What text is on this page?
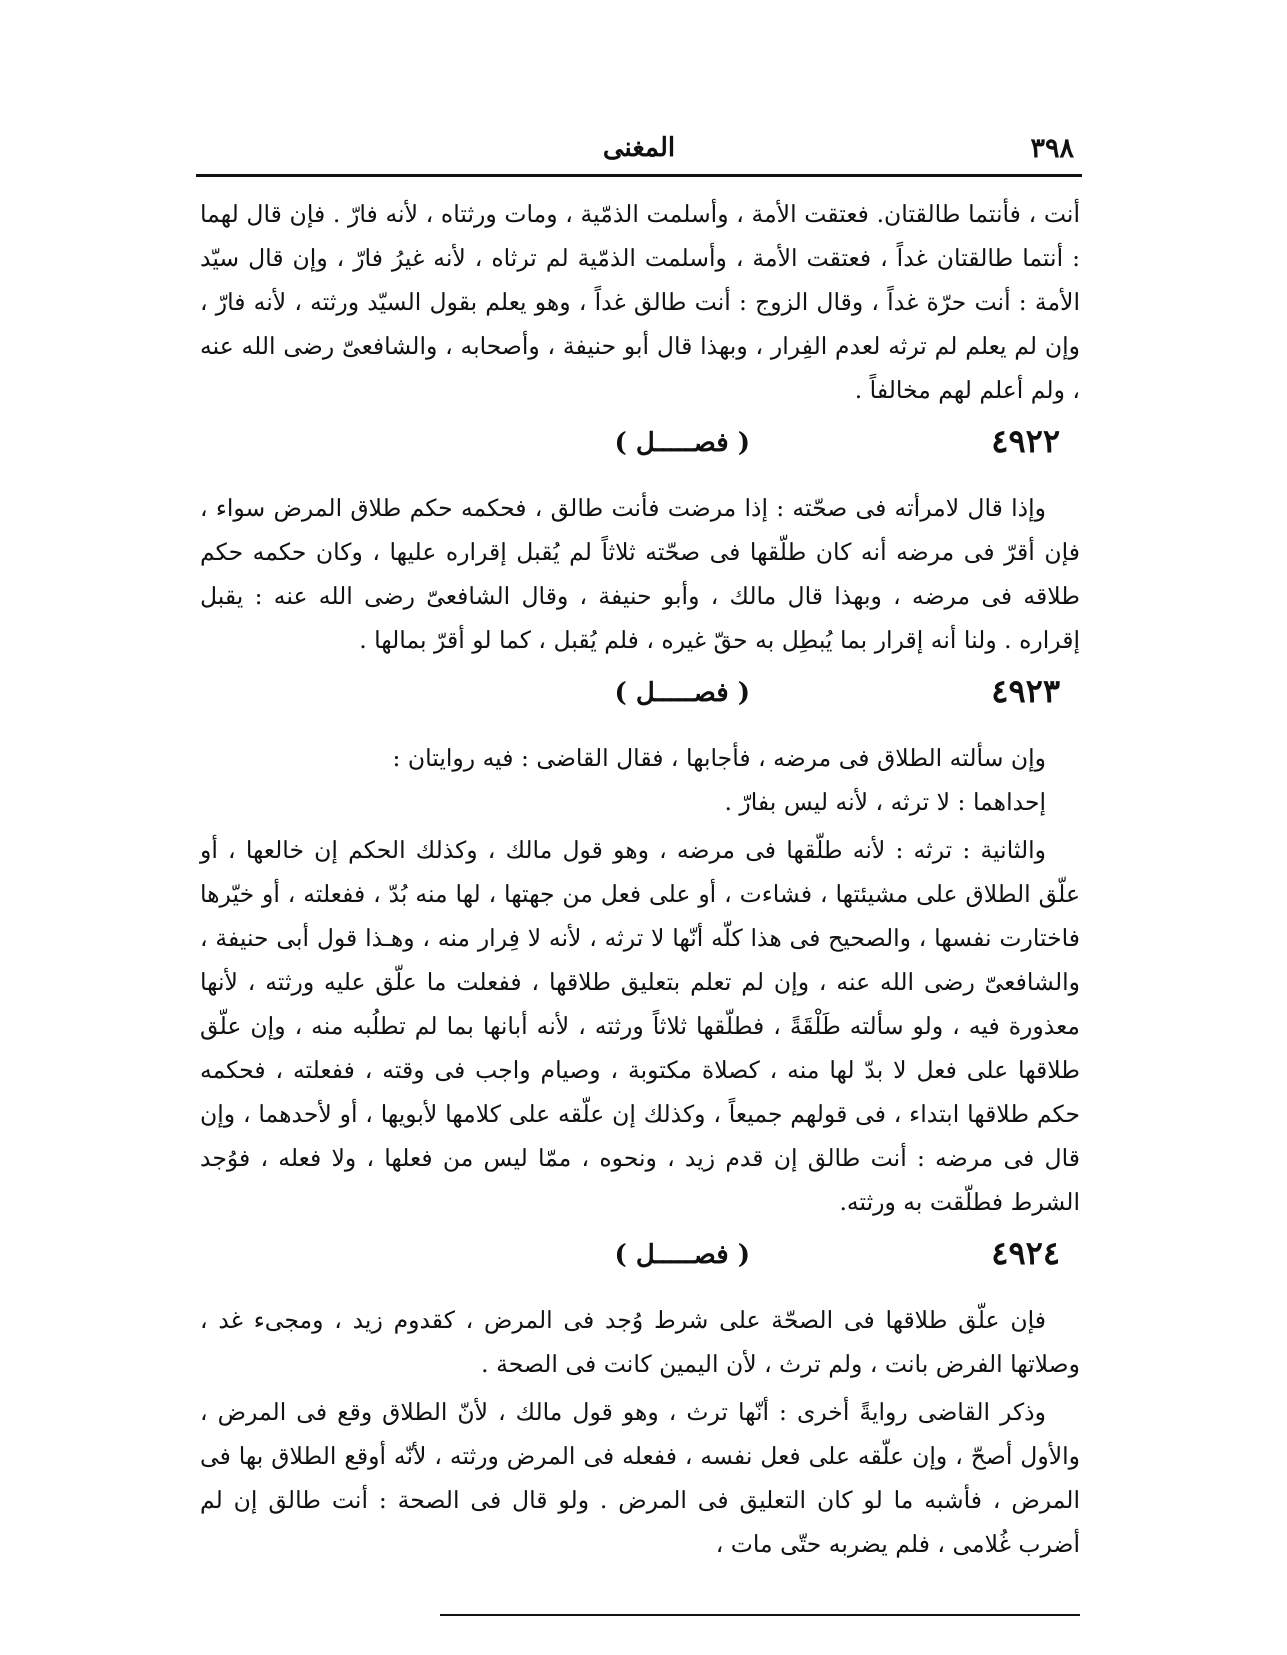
٣٩٨
المغنى

أنت ، فأنتما طالقتان. فعتقت الأمة ، وأسلمت الذمّية ، ومات ورثتاه ، لأنه فارّ . فإن قال لهما : أنتما طالقتان غداً ، فعتقت الأمة ، وأسلمت الذمّية لم ترثاه ، لأنه غيرُ فارّ ، وإن قال سيّد الأمة : أنت حرّة غداً ، وقال الزوج : أنت طالق غداً ، وهو يعلم بقول السيّد ورثته ، لأنه فارّ ، وإن لم يعلم لم ترثه لعدم الفِرار ، وبهذا قال أبو حنيفة ، وأصحابه ، والشافعىّ رضى الله عنه ، ولم أعلم لهم مخالفاً .

٤٩٢٢
( فصـــــل )

وإذا قال لامرأته فى صحّته : إذا مرضت فأنت طالق ، فحكمه حكم طلاق المرض سواء ، فإن أقرّ فى مرضه أنه كان طلّقها فى صحّته ثلاثاً لم يُقبل إقراره عليها ، وكان حكمه حكم طلاقه فى مرضه ، وبهذا قال مالك ، وأبو حنيفة ، وقال الشافعىّ رضى الله عنه : يقبل إقراره . ولنا أنه إقرار بما يُبطِل به حقّ غيره ، فلم يُقبل ، كما لو أقرّ بمالها .

٤٩٢٣
( فصـــــل )

وإن سألته الطلاق فى مرضه ، فأجابها ، فقال القاضى : فيه روايتان :

إحداهما : لا ترثه ، لأنه ليس بفارّ .

والثانية : ترثه : لأنه طلّقها فى مرضه ، وهو قول مالك ، وكذلك الحكم إن خالعها ، أو علّق الطلاق على مشيئتها ، فشاءت ، أو على فعل من جهتها ، لها منه بُدّ ، ففعلته ، أو خيّرها فاختارت نفسها ، والصحيح فى هذا كلّه أنّها لا ترثه ، لأنه لا فِرار منه ، وهـذا قول أبى حنيفة ، والشافعىّ رضى الله عنه ، وإن لم تعلم بتعليق طلاقها ، ففعلت ما علّق عليه ورثته ، لأنها معذورة فيه ، ولو سألته طَلْقَةً ، فطلّقها ثلاثاً ورثته ، لأنه أبانها بما لم تطلُبه منه ، وإن علّق طلاقها على فعل لا بدّ لها منه ، كصلاة مكتوبة ، وصيام واجب فى وقته ، ففعلته ، فحكمه حكم طلاقها ابتداء ، فى قولهم جميعاً ، وكذلك إن علّقه على كلامها لأبويها ، أو لأحدهما ، وإن قال فى مرضه : أنت طالق إن قدم زيد ، ونحوه ، ممّا ليس من فعلها ، ولا فعله ، فوُجد الشرط فطلّقت به ورثته.

٤٩٢٤
( فصـــــل )

فإن علّق طلاقها فى الصحّة على شرط وُجد فى المرض ، كقدوم زيد ، ومجىء غد ، وصلاتها الفرض بانت ، ولم ترث ، لأن اليمين كانت فى الصحة .

وذكر القاضى روايةً أخرى : أنّها ترث ، وهو قول مالك ، لأنّ الطلاق وقع فى المرض ، والأول أصحّ ، وإن علّقه على فعل نفسه ، ففعله فى المرض ورثته ، لأنّه أوقع الطلاق بها فى المرض ، فأشبه ما لو كان التعليق فى المرض . ولو قال فى الصحة : أنت طالق إن لم أضرب غُلامى ، فلم يضربه حتّى مات ،
